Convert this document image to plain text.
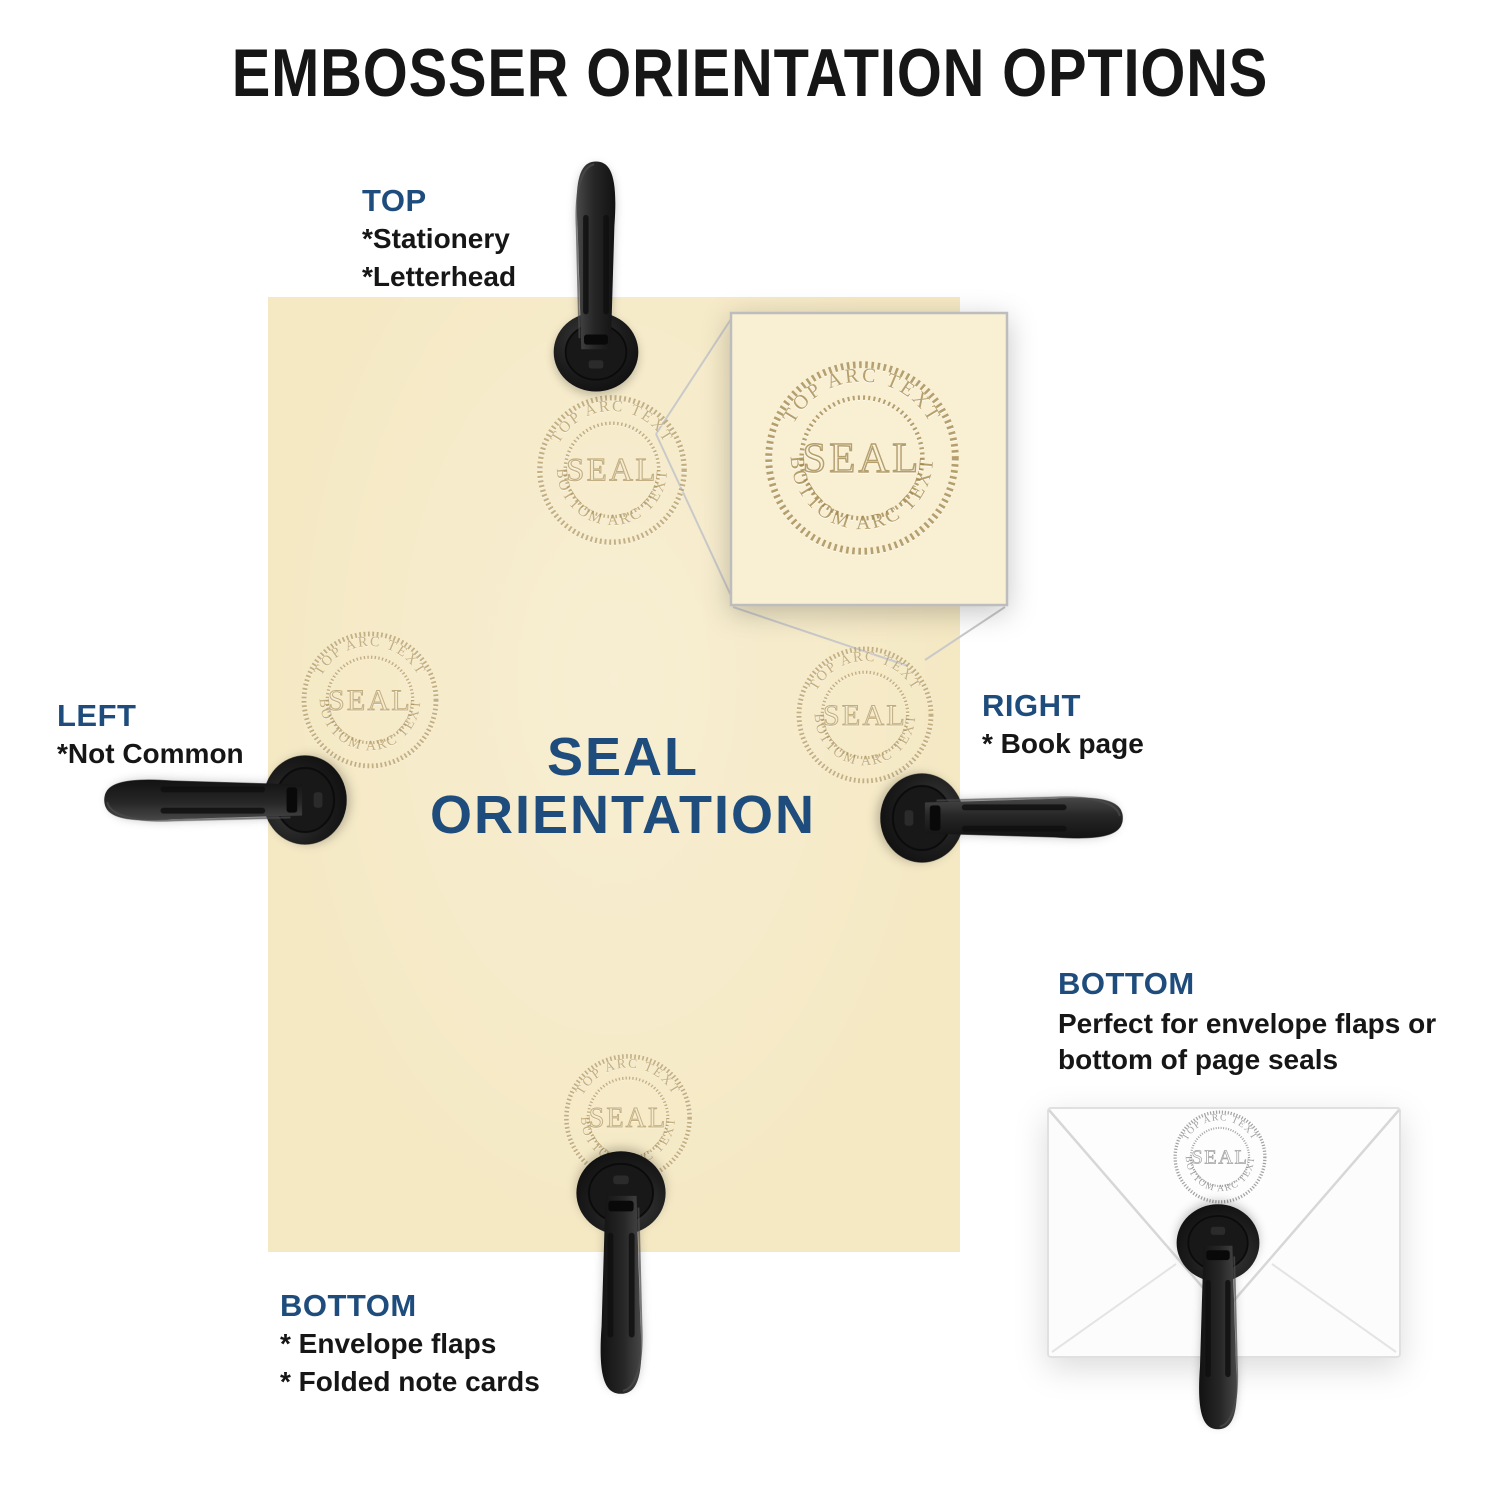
EMBOSSER ORIENTATION OPTIONS
SEAL ORIENTATION
TOP ARC TEXT
BOTTOM ARC TEXT
SEAL
TOP
*Stationery
*Letterhead
LEFT
*Not Common
RIGHT
* Book page
BOTTOM
* Envelope flaps
* Folded note cards
BOTTOM
Perfect for envelope flaps or bottom of page seals
